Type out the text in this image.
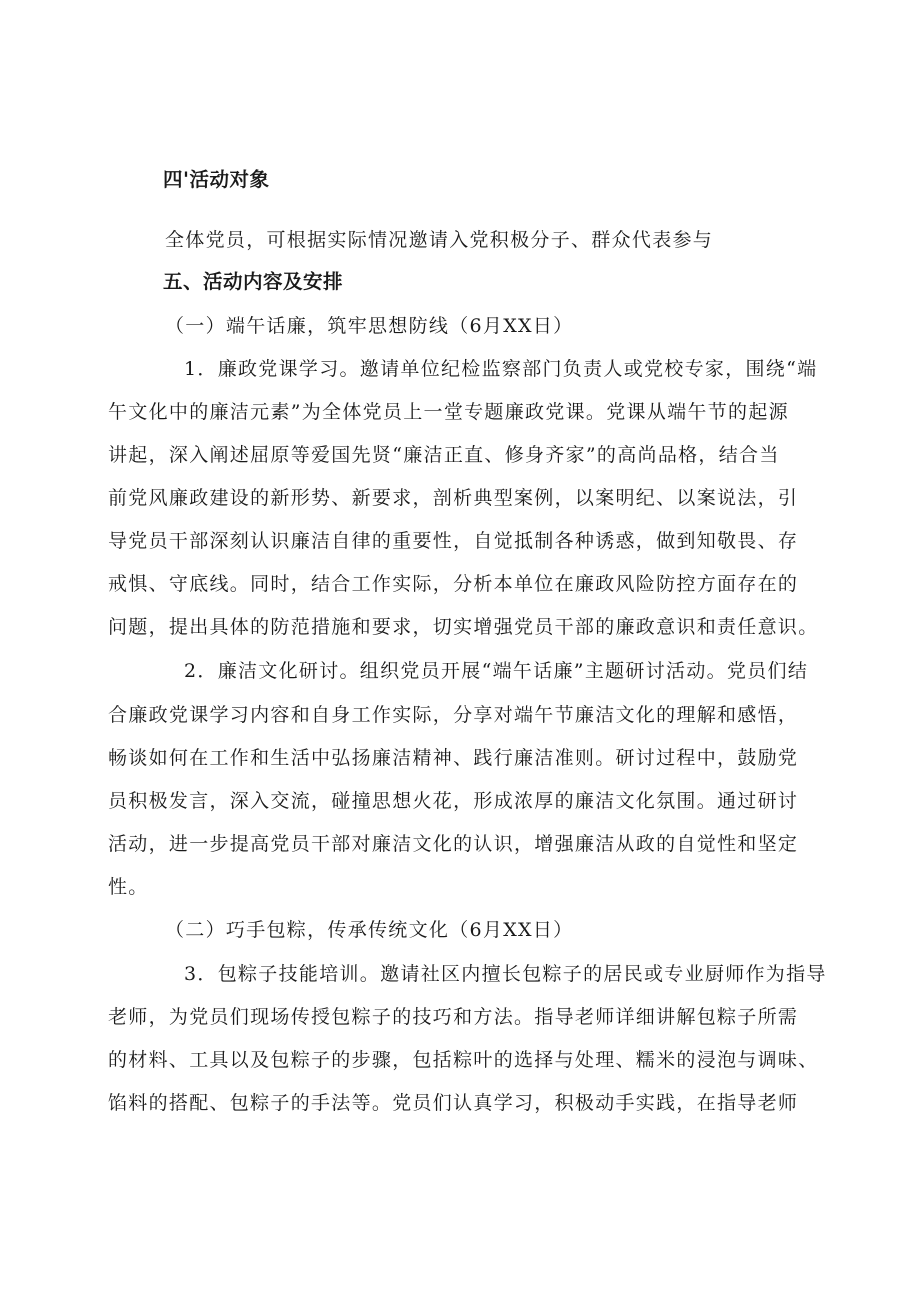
四'活动对象
全体党员，可根据实际情况邀请入党积极分子、群众代表参与
五、活动内容及安排
（一）端午话廉，筑牢思想防线（6月XX日）
1．廉政党课学习。邀请单位纪检监察部门负责人或党校专家，围绕“端
午文化中的廉洁元素”为全体党员上一堂专题廉政党课。党课从端午节的起源
讲起，深入阐述屈原等爱国先贤“廉洁正直、修身齐家”的高尚品格，结合当
前党风廉政建设的新形势、新要求，剖析典型案例，以案明纪、以案说法，引
导党员干部深刻认识廉洁自律的重要性，自觉抵制各种诱惑，做到知敬畏、存
戒惧、守底线。同时，结合工作实际，分析本单位在廉政风险防控方面存在的
问题，提出具体的防范措施和要求，切实增强党员干部的廉政意识和责任意识。
2．廉洁文化研讨。组织党员开展“端午话廉”主题研讨活动。党员们结
合廉政党课学习内容和自身工作实际，分享对端午节廉洁文化的理解和感悟，
畅谈如何在工作和生活中弘扬廉洁精神、践行廉洁准则。研讨过程中，鼓励党
员积极发言，深入交流，碰撞思想火花，形成浓厚的廉洁文化氛围。通过研讨
活动，进一步提高党员干部对廉洁文化的认识，增强廉洁从政的自觉性和坚定
性。
（二）巧手包粽，传承传统文化（6月XX日）
3．包粽子技能培训。邀请社区内擅长包粽子的居民或专业厨师作为指导
老师，为党员们现场传授包粽子的技巧和方法。指导老师详细讲解包粽子所需
的材料、工具以及包粽子的步骤，包括粽叶的选择与处理、糯米的浸泡与调味、
馅料的搭配、包粽子的手法等。党员们认真学习，积极动手实践，在指导老师
